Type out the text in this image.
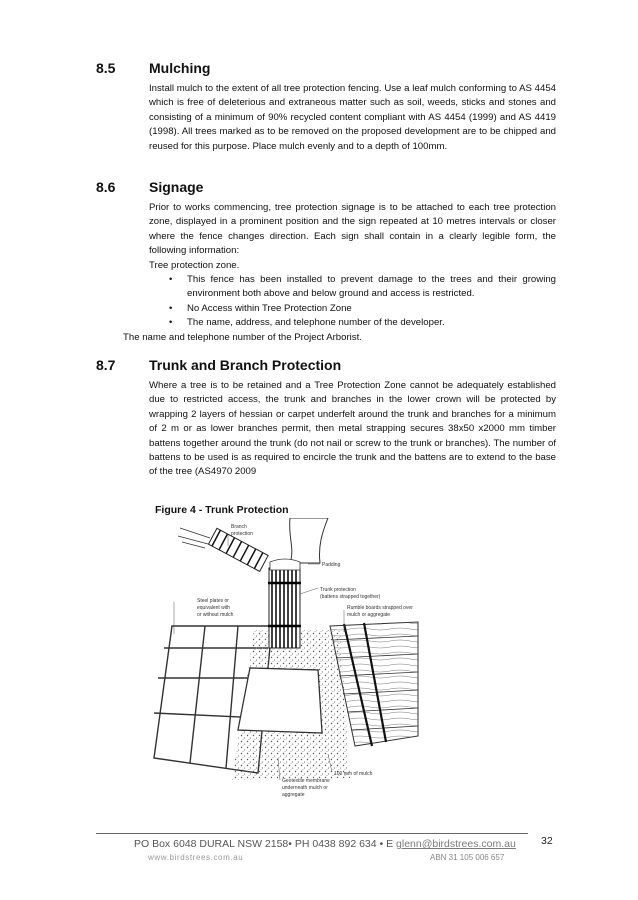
8.5 Mulching

Install mulch to the extent of all tree protection fencing. Use a leaf mulch conforming to AS 4454 which is free of deleterious and extraneous matter such as soil, weeds, sticks and stones and consisting of a minimum of 90% recycled content compliant with AS 4454 (1999) and AS 4419 (1998). All trees marked as to be removed on the proposed development are to be chipped and reused for this purpose. Place mulch evenly and to a depth of 100mm.

8.6 Signage

Prior to works commencing, tree protection signage is to be attached to each tree protection zone, displayed in a prominent position and the sign repeated at 10 metres intervals or closer where the fence changes direction. Each sign shall contain in a clearly legible form, the following information:

Tree protection zone.

• This fence has been installed to prevent damage to the trees and their growing environment both above and below ground and access is restricted.
• No Access within Tree Protection Zone
• The name, address, and telephone number of the developer.

The name and telephone number of the Project Arborist.

8.7 Trunk and Branch Protection

Where a tree is to be retained and a Tree Protection Zone cannot be adequately established due to restricted access, the trunk and branches in the lower crown will be protected by wrapping 2 layers of hessian or carpet underfelt around the trunk and branches for a minimum of 2 m or as lower branches permit, then metal strapping secures 38x50 x2000 mm timber battens together around the trunk (do not nail or screw to the trunk or branches). The number of battens to be used is as required to encircle the trunk and the battens are to extend to the base of the tree (AS4970 2009

Figure 4 - Trunk Protection
Branch
protection
Padding
Trunk protection
(battens strapped together)
Steel plates or
equivalent with
or without mulch
Rumble boards strapped over
mulch or aggregate
100 mm of mulch
Geotextile membrane
underneath mulch or
aggregate
PO Box 6048 DURAL NSW 2158• PH 0438 892 634 • E glenn@birdstrees.com.au
www.birdstrees.com.au	ABN 31 105 006 657
32
